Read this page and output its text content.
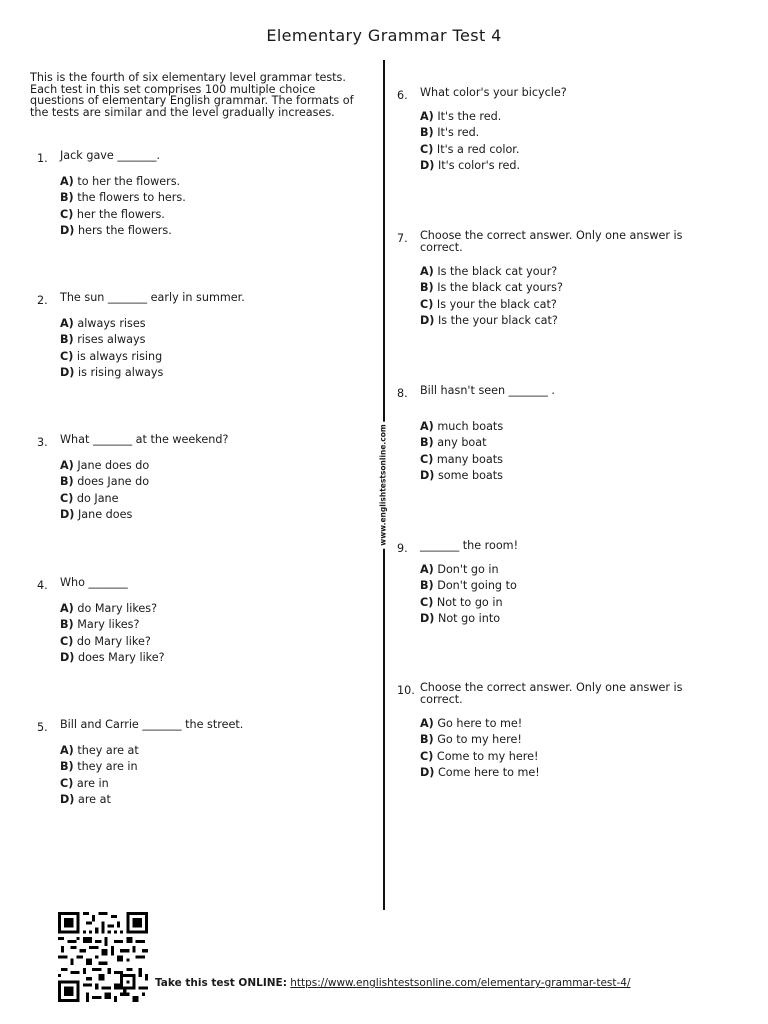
Elementary Grammar Test 4

This is the fourth of six elementary level grammar tests. Each test in this set comprises 100 multiple choice questions of elementary English grammar. The formats of the tests are similar and the level gradually increases.

www.englishtestsonline.com
1. Jack gave _______.
A) to her the flowers.
B) the flowers to hers.
C) her the flowers.
D) hers the flowers.
2. The sun _______ early in summer.
A) always rises
B) rises always
C) is always rising
D) is rising always
3. What _______ at the weekend?
A) Jane does do
B) does Jane do
C) do Jane
D) Jane does
4. Who _______
A) do Mary likes?
B) Mary likes?
C) do Mary like?
D) does Mary like?
5. Bill and Carrie _______ the street.
A) they are at
B) they are in
C) are in
D) are at
6. What color's your bicycle?
A) It's the red.
B) It's red.
C) It's a red color.
D) It's color's red.
7. Choose the correct answer. Only one answer is correct.
A) Is the black cat your?
B) Is the black cat yours?
C) Is your the black cat?
D) Is the your black cat?
8. Bill hasn't seen _______ .
A) much boats
B) any boat
C) many boats
D) some boats
9. _______ the room!
A) Don't go in
B) Don't going to
C) Not to go in
D) Not go into
10. Choose the correct answer. Only one answer is correct.
A) Go here to me!
B) Go to my here!
C) Come to my here!
D) Come here to me!
Take this test ONLINE: https://www.englishtestsonline.com/elementary-grammar-test-4/
